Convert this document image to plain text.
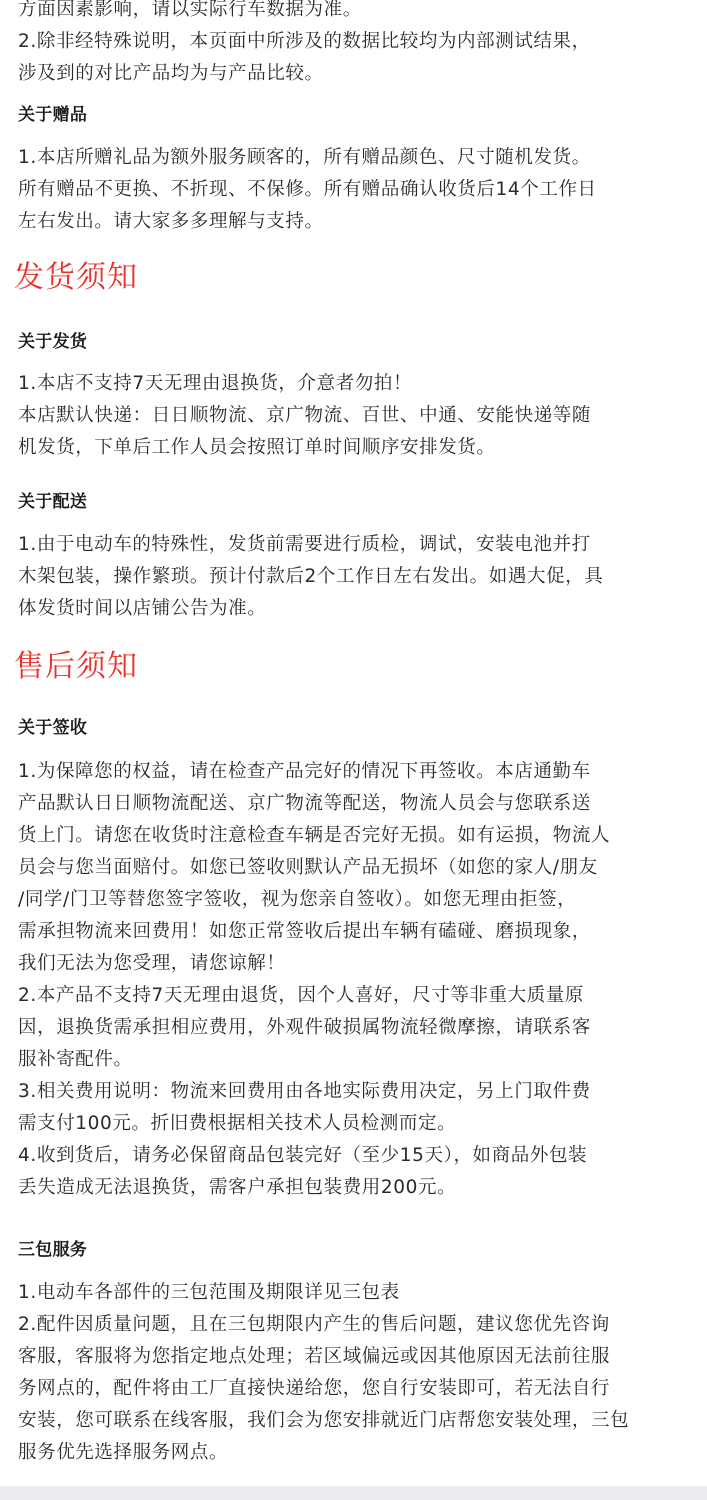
方面因素影响，请以实际行车数据为准。
2.除非经特殊说明，本页面中所涉及的数据比较均为内部测试结果，
涉及到的对比产品均为与产品比较。
关于赠品
1.本店所赠礼品为额外服务顾客的，所有赠品颜色、尺寸随机发货。
所有赠品不更换、不折现、不保修。所有赠品确认收货后14个工作日
左右发出。请大家多多理解与支持。
发货须知
关于发货
1.本店不支持7天无理由退换货，介意者勿拍！
本店默认快递：日日顺物流、京广物流、百世、中通、安能快递等随
机发货，下单后工作人员会按照订单时间顺序安排发货。
关于配送
1.由于电动车的特殊性，发货前需要进行质检，调试，安装电池并打
木架包装，操作繁琐。预计付款后2个工作日左右发出。如遇大促，具
体发货时间以店铺公告为准。
售后须知
关于签收
1.为保障您的权益，请在检查产品完好的情况下再签收。本店通勤车
产品默认日日顺物流配送、京广物流等配送，物流人员会与您联系送
货上门。请您在收货时注意检查车辆是否完好无损。如有运损，物流人
员会与您当面赔付。如您已签收则默认产品无损坏（如您的家人/朋友
/同学/门卫等替您签字签收，视为您亲自签收）。如您无理由拒签，
需承担物流来回费用！如您正常签收后提出车辆有磕碰、磨损现象，
我们无法为您受理，请您谅解！
2.本产品不支持7天无理由退货，因个人喜好，尺寸等非重大质量原
因，退换货需承担相应费用，外观件破损属物流轻微摩擦，请联系客
服补寄配件。
3.相关费用说明：物流来回费用由各地实际费用决定，另上门取件费
需支付100元。折旧费根据相关技术人员检测而定。
4.收到货后，请务必保留商品包装完好（至少15天），如商品外包装
丢失造成无法退换货，需客户承担包装费用200元。
三包服务
1.电动车各部件的三包范围及期限详见三包表
2.配件因质量问题，且在三包期限内产生的售后问题，建议您优先咨询
客服，客服将为您指定地点处理；若区域偏远或因其他原因无法前往服
务网点的，配件将由工厂直接快递给您，您自行安装即可，若无法自行
安装，您可联系在线客服，我们会为您安排就近门店帮您安装处理，三包
服务优先选择服务网点。
